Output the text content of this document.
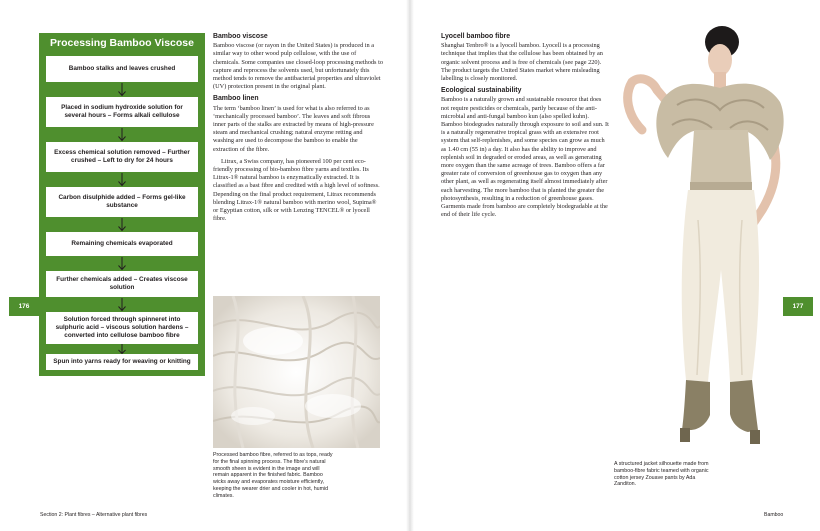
Processing Bamboo Viscose
Bamboo stalks and leaves crushed
Placed in sodium hydroxide solution for several hours – Forms alkali cellulose
Excess chemical solution removed – Further crushed – Left to dry for 24 hours
Carbon disulphide added – Forms gel-like substance
Remaining chemicals evaporated
Further chemicals added – Creates viscose solution
Solution forced through spinneret into sulphuric acid – viscous solution hardens – converted into cellulose bamboo fibre
Spun into yarns ready for weaving or knitting
Bamboo viscose

Bamboo viscose (or rayon in the United States) is produced in a similar way to other wood pulp cellulose, with the use of chemicals. Some companies use closed-loop processing methods to capture and reprocess the solvents used, but unfortunately this method tends to remove the antibacterial properties and ultraviolet (UV) protection present in the original plant.

Bamboo linen

The term ‘bamboo linen’ is used for what is also referred to as ‘mechanically processed bamboo’. The leaves and soft fibrous inner parts of the stalks are extracted by means of high-pressure steam and mechanical crushing; natural enzyme retting and washing are used to decompose the bamboo to enable the extraction of the fibre.

Litrax, a Swiss company, has pioneered 100 per cent eco-friendly processing of bio-bamboo fibre yarns and textiles. Its Litrax-1® natural bamboo is enzymatically extracted. It is classified as a bast fibre and credited with a high level of softness. Depending on the final product requirement, Litrax recommends blending Litrax-1® natural bamboo with merino wool, Supima® or Egyptian cotton, silk or with Lenzing TENCEL® or lyocell fibre.

Processed bamboo fibre, referred to as tops, ready for the final spinning process. The fibre’s natural smooth sheen is evident in the image and will remain apparent in the finished fabric. Bamboo wicks away and evaporates moisture efficiently, keeping the wearer drier and cooler in hot, humid climates.
Lyocell bamboo fibre

Shanghai Tenbro® is a lyocell bamboo. Lyocell is a processing technique that implies that the cellulose has been obtained by an organic solvent process and is free of chemicals (see page 220). The product targets the United States market where misleading labelling is closely monitored.

Ecological sustainability

Bamboo is a naturally grown and sustainable resource that does not require pesticides or chemicals, partly because of the anti-microbial and anti-fungal bamboo kun (also spelled kuhn). Bamboo biodegrades naturally through exposure to soil and sun. It is a naturally regenerative tropical grass with an extensive root system that self-replenishes, and some species can grow as much as 1.40 cm (55 in) a day. It also has the ability to improve and replenish soil in degraded or eroded areas, as well as generating more oxygen than the same acreage of trees. Bamboo offers a far greater rate of conversion of greenhouse gas to oxygen than any other plant, as well as regenerating itself almost immediately after each harvesting. The more bamboo that is planted the greater the photosynthesis, resulting in a reduction of greenhouse gases. Garments made from bamboo are completely biodegradable at the end of their life cycle.

A structured jacket silhouette made from bamboo-fibre fabric teamed with organic cotton jersey Zouave pants by Ada Zanditon.
176	177
Section 2: Plant fibres – Alternative plant fibres	Bamboo
